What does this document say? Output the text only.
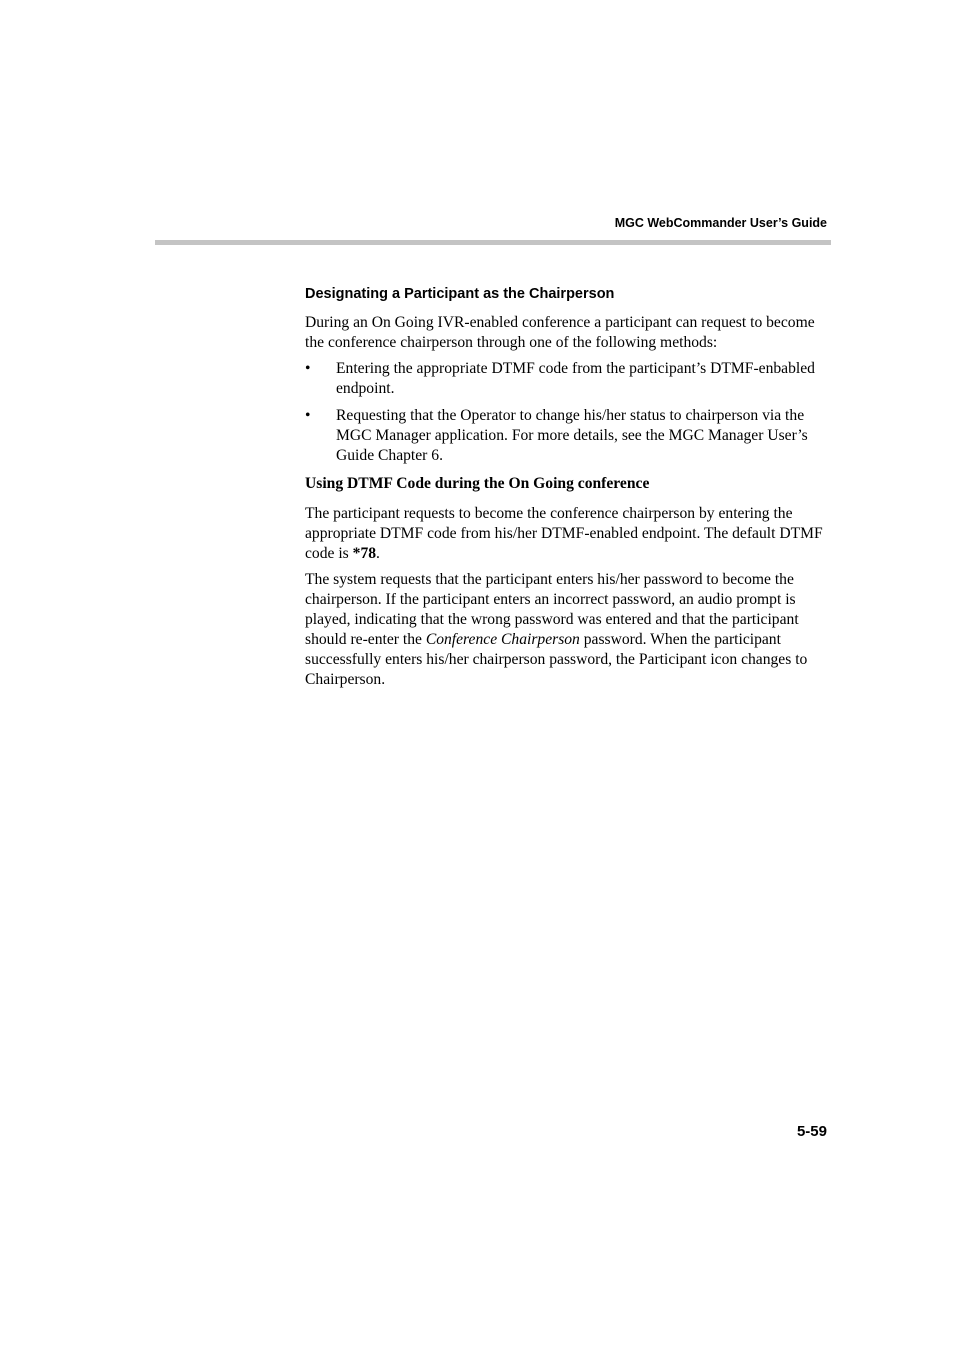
MGC WebCommander User’s Guide
Designating a Participant as the Chairperson

During an On Going IVR-enabled conference a participant can request to become the conference chairperson through one of the following methods:

• Entering the appropriate DTMF code from the participant’s DTMF-enbabled endpoint.
• Requesting that the Operator to change his/her status to chairperson via the MGC Manager application. For more details, see the MGC Manager User’s Guide Chapter 6.
Using DTMF Code during the On Going conference

The participant requests to become the conference chairperson by entering the appropriate DTMF code from his/her DTMF-enabled endpoint. The default DTMF code is *78.

The system requests that the participant enters his/her password to become the chairperson. If the participant enters an incorrect password, an audio prompt is played, indicating that the wrong password was entered and that the participant should re-enter the Conference Chairperson password. When the participant successfully enters his/her chairperson password, the Participant icon changes to Chairperson.

5-59
